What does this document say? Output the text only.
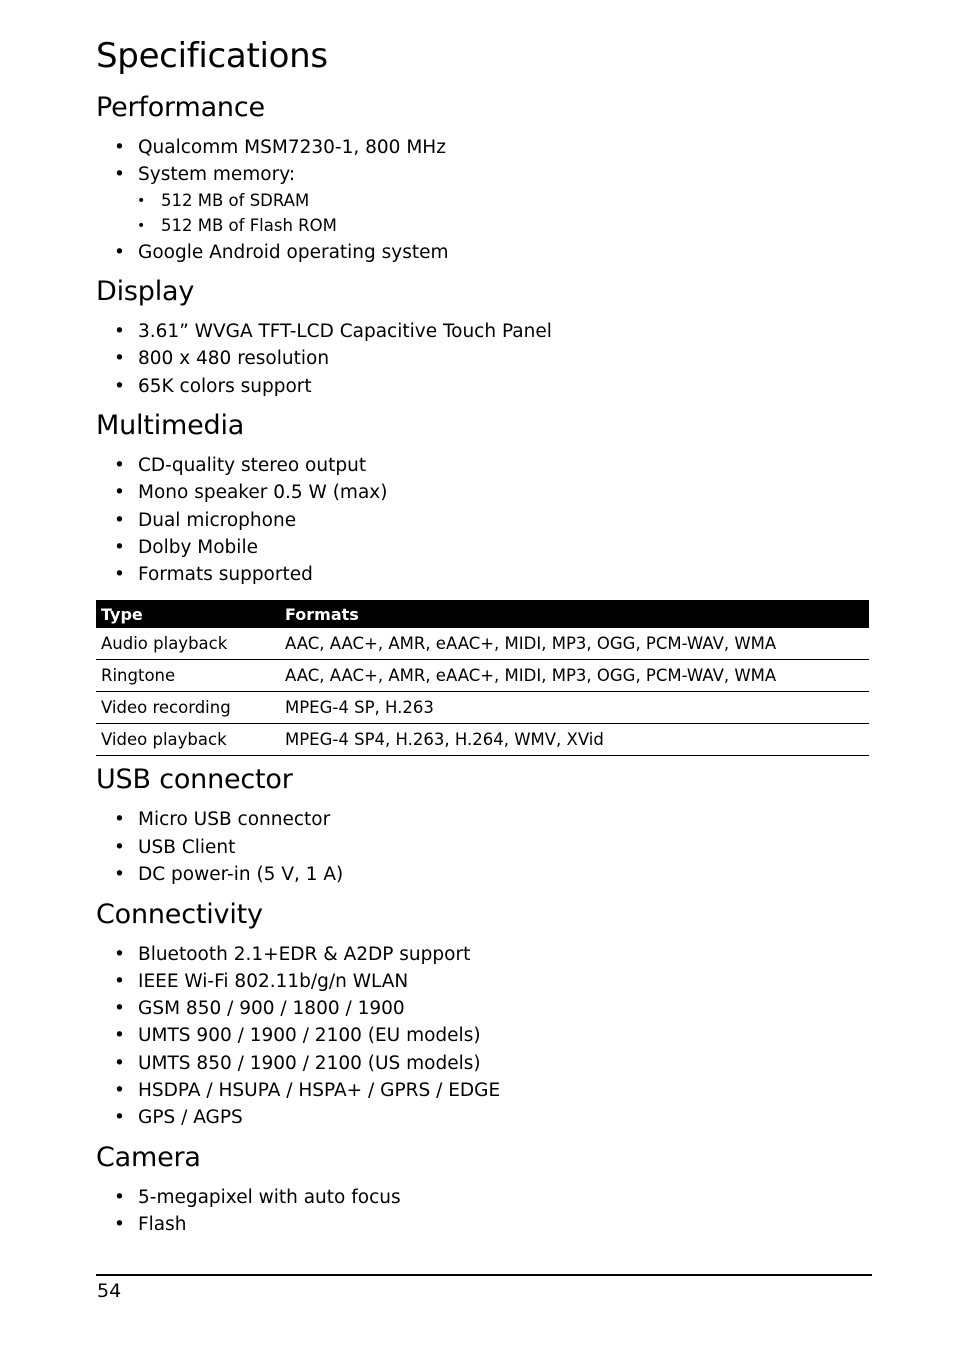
Specifications
Performance
• Qualcomm MSM7230-1, 800 MHz
• System memory:
• 512 MB of SDRAM
• 512 MB of Flash ROM
• Google Android operating system
Display
• 3.61” WVGA TFT-LCD Capacitive Touch Panel
• 800 x 480 resolution
• 65K colors support
Multimedia
• CD-quality stereo output
• Mono speaker 0.5 W (max)
• Dual microphone
• Dolby Mobile
• Formats supported
Type	Formats
Audio playback	AAC, AAC+, AMR, eAAC+, MIDI, MP3, OGG, PCM-WAV, WMA
Ringtone	AAC, AAC+, AMR, eAAC+, MIDI, MP3, OGG, PCM-WAV, WMA
Video recording	MPEG-4 SP, H.263
Video playback	MPEG-4 SP4, H.263, H.264, WMV, XVid
USB connector
• Micro USB connector
• USB Client
• DC power-in (5 V, 1 A)
Connectivity
• Bluetooth 2.1+EDR & A2DP support
• IEEE Wi-Fi 802.11b/g/n WLAN
• GSM 850 / 900 / 1800 / 1900
• UMTS 900 / 1900 / 2100 (EU models)
• UMTS 850 / 1900 / 2100 (US models)
• HSDPA / HSUPA / HSPA+ / GPRS / EDGE
• GPS / AGPS
Camera
• 5-megapixel with auto focus
• Flash
54
